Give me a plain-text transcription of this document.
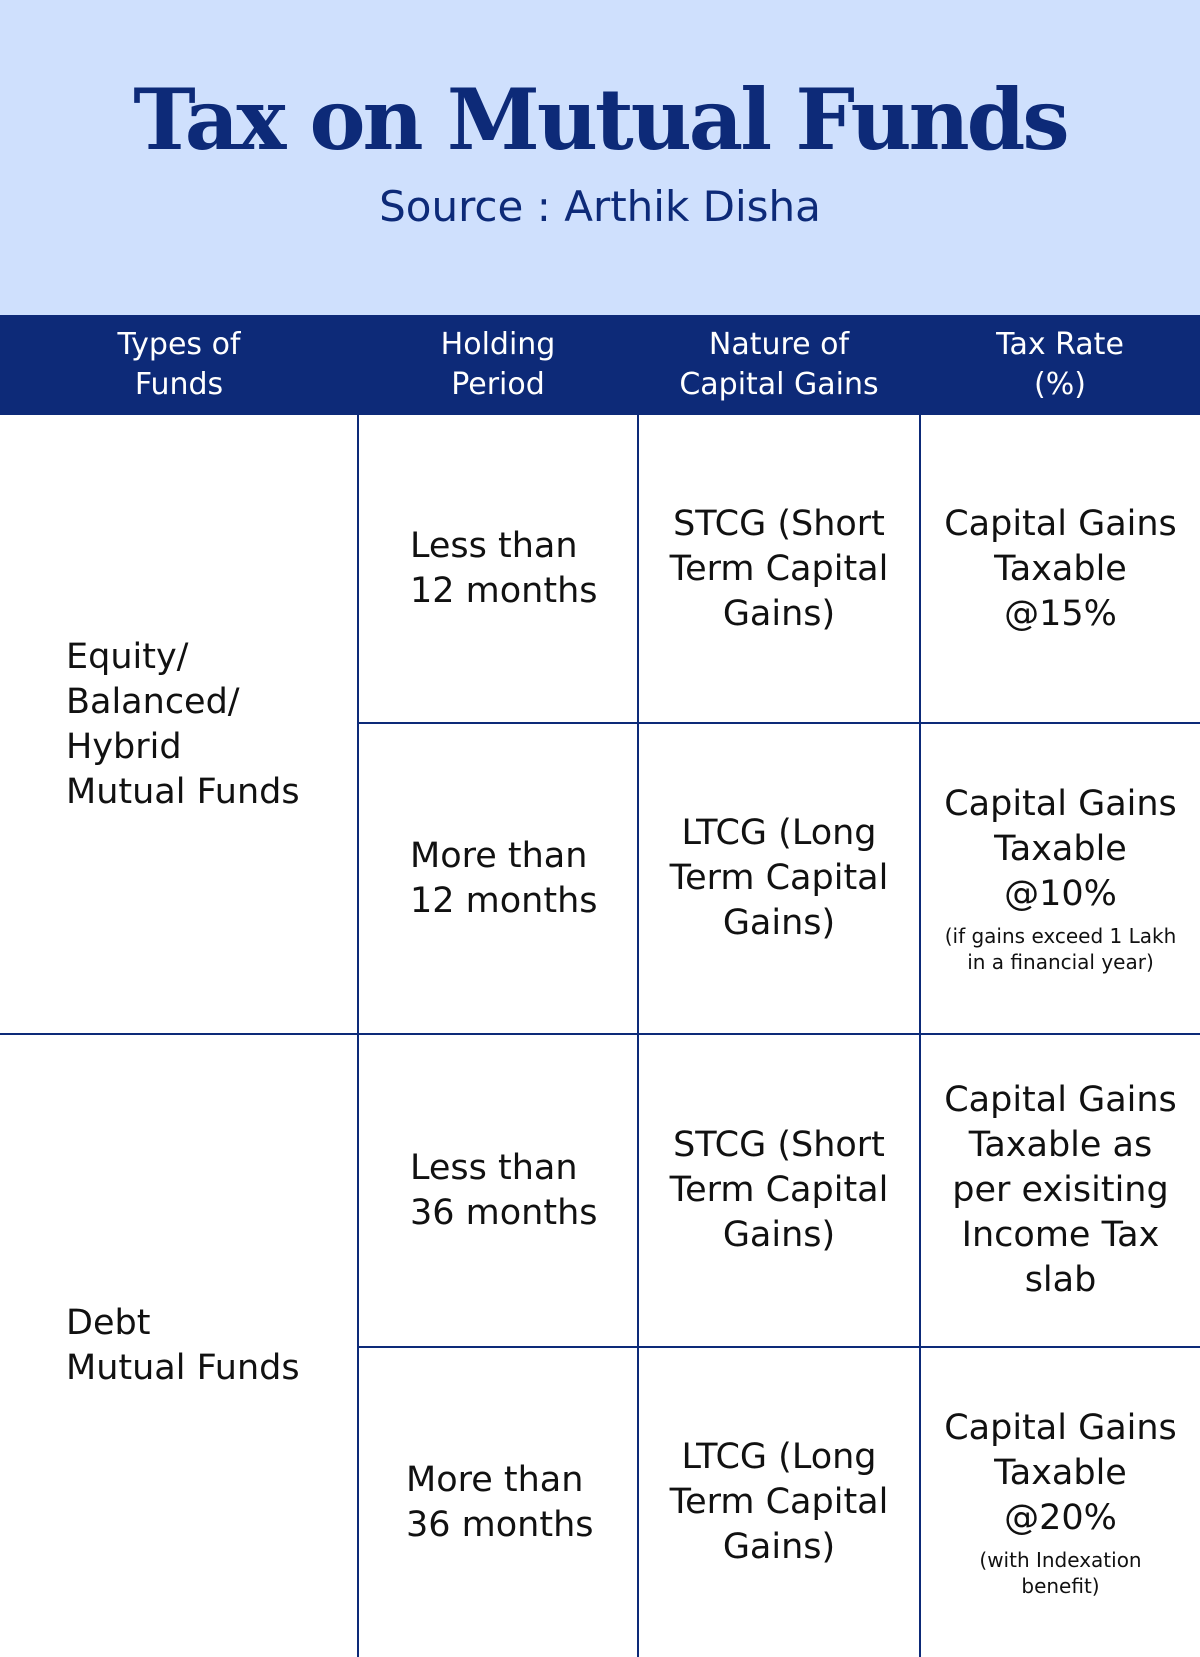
Tax on Mutual Funds
Source : Arthik Disha
Types of
Funds
Holding
Period
Nature of
Capital Gains
Tax Rate
(%)
Equity/
Balanced/
Hybrid
Mutual Funds
Less than
12 months
STCG (Short
Term Capital
Gains)
Capital Gains
Taxable
@15%
More than
12 months
LTCG (Long
Term Capital
Gains)
Capital Gains
Taxable
@10%
(if gains exceed 1 Lakh
in a financial year)
Debt
Mutual Funds
Less than
36 months
STCG (Short
Term Capital
Gains)
Capital Gains
Taxable as
per exisiting
Income Tax
slab
More than
36 months
LTCG (Long
Term Capital
Gains)
Capital Gains
Taxable
@20%
(with Indexation
benefit)
